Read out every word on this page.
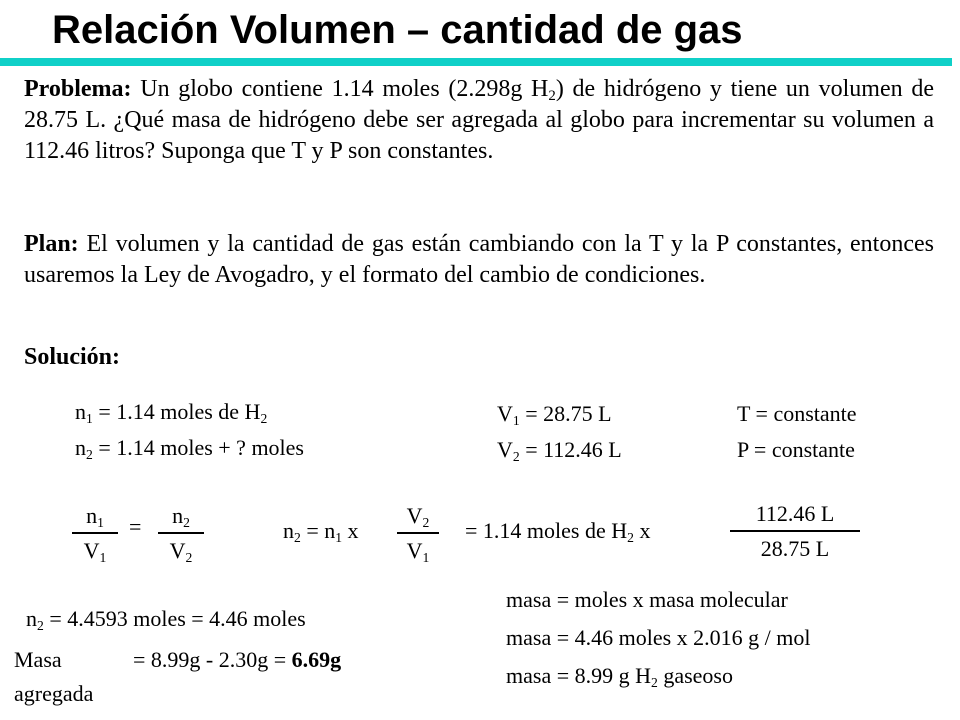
Relación Volumen – cantidad de gas
Problema: Un globo contiene 1.14 moles (2.298g $H_2$) de hidrógeno y tiene un volumen de 28.75 L. ¿Qué masa de hidrógeno debe ser agregada al globo para incrementar su volumen a 112.46 litros? Suponga que T y P son constantes.
Plan: El volumen y la cantidad de gas están cambiando con la T y la P constantes, entonces usaremos la Ley de Avogadro, y el formato del cambio de condiciones.
Solución:
$n_1 = 1.14$ moles de $H_2$
$n_2 = 1.14$ moles + ? moles
$V_1 = 28.75$ L
$V_2 = 112.46$ L
T = constante
P = constante
$n_1$
$V_1$
=	$n_2$
$V_2$
$n_2 = n_1$ x
$V_2$
$V_1$
= 1.14 moles de $H_2$ x
112.46 L
28.75 L
$n_2 = 4.4593$ moles = 4.46 moles
masa = moles x masa molecular
masa = 4.46 moles x 2.016 g / mol
masa = 8.99 g $H_2$ gaseoso
Masa
agregada
= 8.99g - 2.30g = 6.69g
